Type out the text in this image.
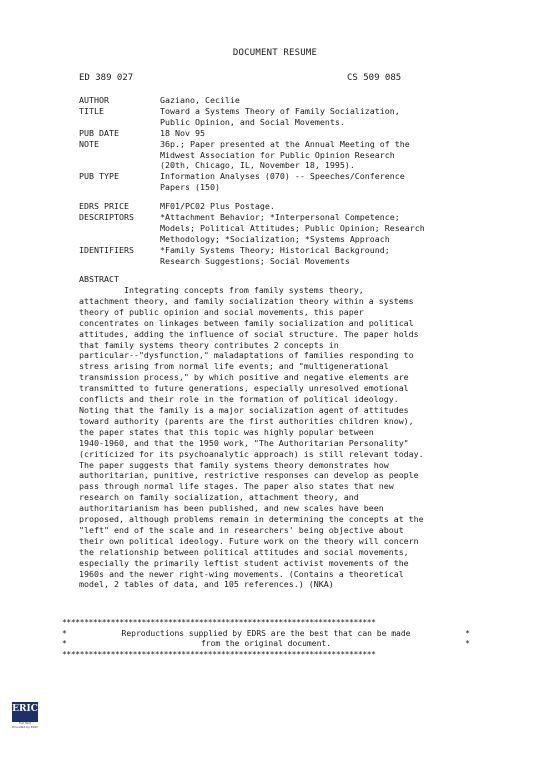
DOCUMENT RESUME
ED 389 027	CS 509 085
AUTHOR	Gaziano, Cecilie
TITLE	Toward a Systems Theory of Family Socialization,
Public Opinion, and Social Movements.
PUB DATE	18 Nov 95
NOTE	36p.; Paper presented at the Annual Meeting of the
Midwest Association for Public Opinion Research
(20th, Chicago, IL, November 18, 1995).
PUB TYPE	Information Analyses (070) -- Speeches/Conference
Papers (150)
EDRS PRICE	MF01/PC02 Plus Postage.
DESCRIPTORS	*Attachment Behavior; *Interpersonal Competence;
Models; Political Attitudes; Public Opinion; Research
Methodology; *Socialization; *Systems Approach
IDENTIFIERS	*Family Systems Theory; Historical Background;
Research Suggestions; Social Movements
ABSTRACT
Integrating concepts from family systems theory,
attachment theory, and family socialization theory within a systems
theory of public opinion and social movements, this paper
concentrates on linkages between family socialization and political
attitudes, adding the influence of social structure. The paper holds
that family systems theory contributes 2 concepts in
particular--"dysfunction," maladaptations of families responding to
stress arising from normal life events; and "multigenerational
transmission process," by which positive and negative elements are
transmitted to future generations, especially unresolved emotional
conflicts and their role in the formation of political ideology.
Noting that the family is a major socialization agent of attitudes
toward authority (parents are the first authorities children know),
the paper states that this topic was highly popular between
1940-1960, and that the 1950 work, "The Authoritarian Personality"
(criticized for its psychoanalytic approach) is still relevant today.
The paper suggests that family systems theory demonstrates how
authoritarian, punitive, restrictive responses can develop as people
pass through normal life stages. The paper also states that new
research on family socialization, attachment theory, and
authoritarianism has been published, and new scales have been
proposed, although problems remain in determining the concepts at the
"left" end of the scale and in researchers' being objective about
their own political ideology. Future work on the theory will concern
the relationship between political attitudes and social movements,
especially the primarily leftist student activist movements of the
1960s and the newer right-wing movements. (Contains a theoretical
model, 2 tables of data, and 105 references.) (NKA)
***********************************************************************
*	Reproductions supplied by EDRS are the best that can be made	*
*	from the original document.	*
***********************************************************************
ERIC
Full Text Provided by ERIC
